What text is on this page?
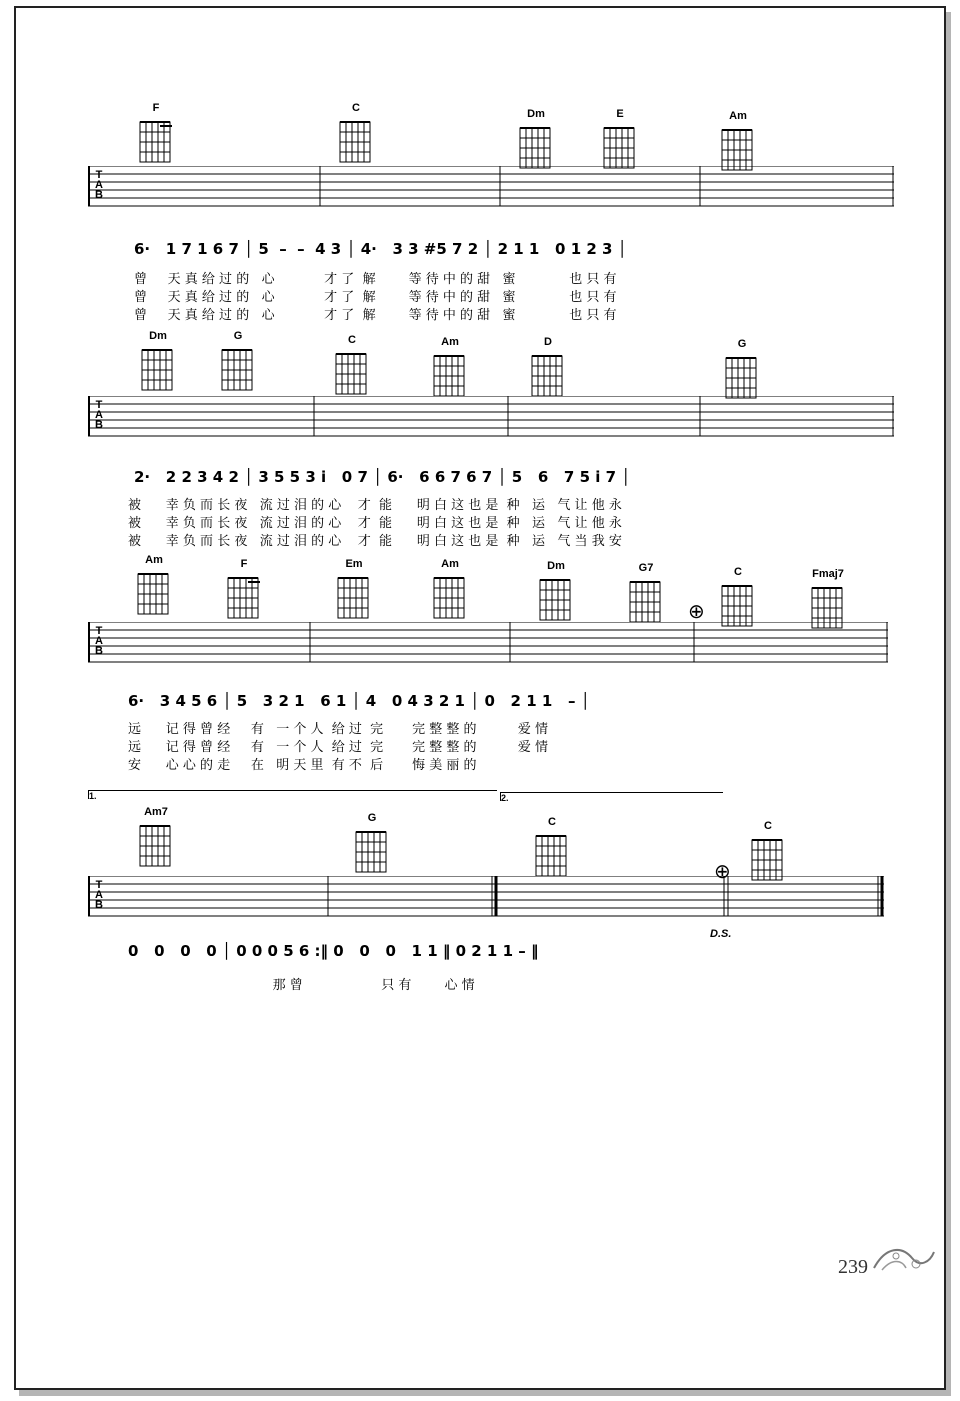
F	C	Dm	E	Am
T
A
B
6·   1 7 1 6 7 │ 5  –  –  4 3 │ 4·   3 3 #5 7 2 │ 2 1 1   0 1 2 3 │
曾     天 真 给 过 的   心            才 了  解        等 待 中 的 甜   蜜             也 只 有
曾     天 真 给 过 的   心            才 了  解        等 待 中 的 甜   蜜             也 只 有
曾     天 真 给 过 的   心            才 了  解        等 待 中 的 甜   蜜             也 只 有
Dm	G	C	Am	D	G
T
A
B
2·   2 2 3 4 2 │ 3 5 5 3 i   0 7 │ 6·   6 6 7 6 7 │ 5   6   7 5 i 7 │
被      幸 负 而 长 夜   流 过 泪 的 心    才  能      明 白 这 也 是  种   运   气 让 他 永
被      幸 负 而 长 夜   流 过 泪 的 心    才  能      明 白 这 也 是  种   运   气 让 他 永
被      幸 负 而 长 夜   流 过 泪 的 心    才  能      明 白 这 也 是  种   运   气 当 我 安
Am	F	Em	Am	Dm	G7
⊕
C	Fmaj7
T
A
B
6·   3 4 5 6 │ 5   3 2 1   6 1 │ 4   0 4 3 2 1 │ 0   2 1 1   – │
远      记 得 曾 经     有   一 个 人  给 过  完       完 整 整 的          爱 情
远      记 得 曾 经     有   一 个 人  给 过  完       完 整 整 的          爱 情
安      心 心 的 走     在   明 天 里  有 不  后       悔 美 丽 的
1.	2.
Am7	G	C
⊕
C
T
A
B
D.S.
0   0   0   0 │ 0 0 0 5 6 :‖ 0   0   0   1 1 ‖ 0 2 1 1 – ‖
那 曾                   只 有        心 情
239
